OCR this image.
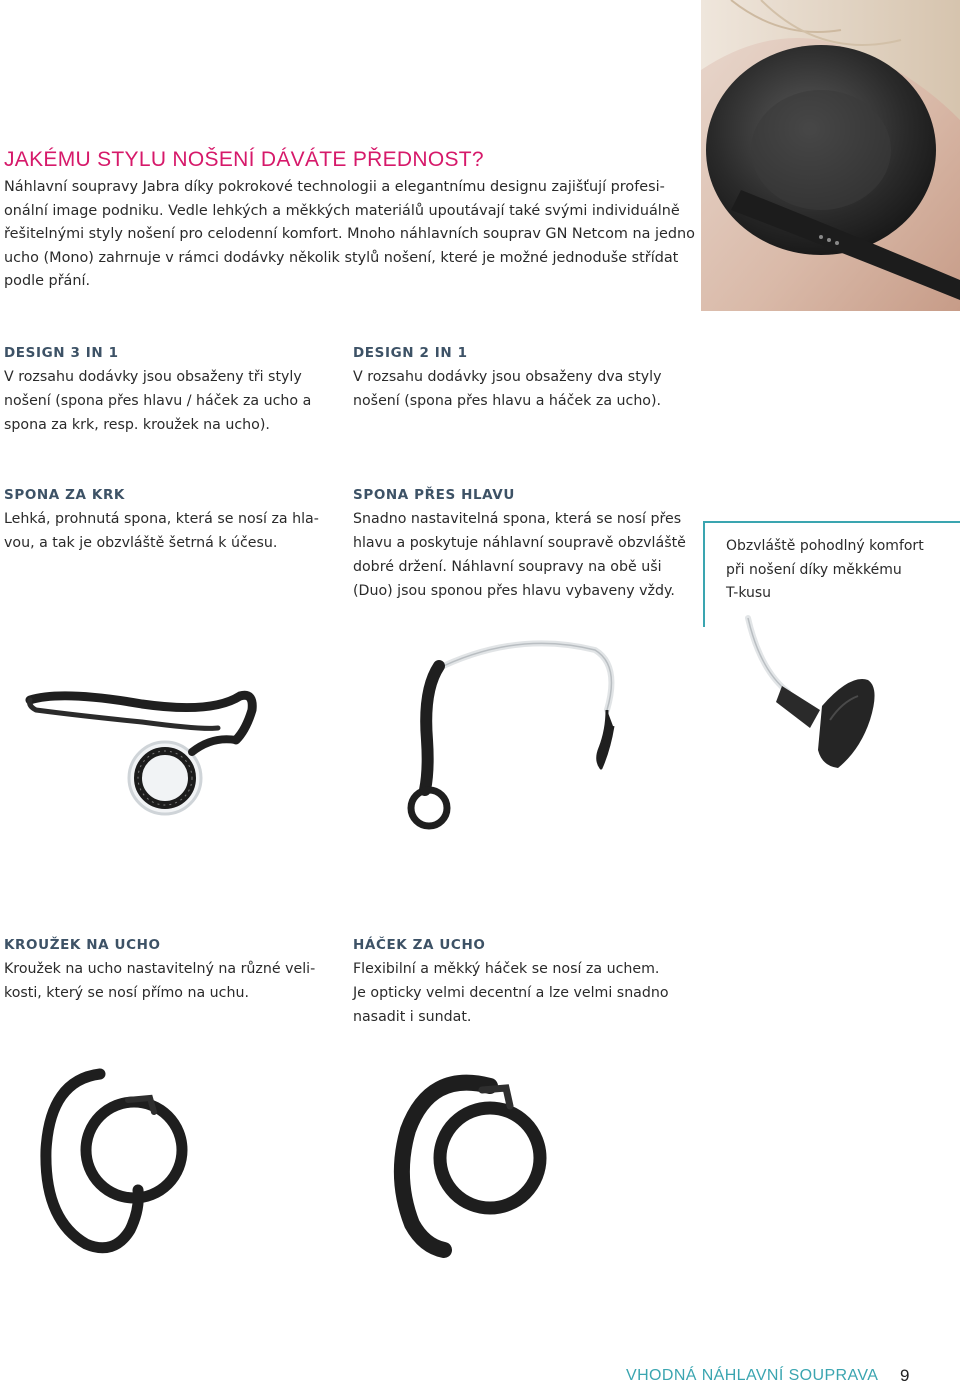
JAKÉMU STYLU NOŠENÍ DÁVÁTE PŘEDNOST?
Náhlavní soupravy Jabra díky pokrokové technologii a elegantnímu designu zajišťují profesi-
onální image podniku. Vedle lehkých a měkkých materiálů upoutávají také svými individuálně
řešitelnými styly nošení pro celodenní komfort. Mnoho náhlavních souprav GN Netcom na jedno
ucho (Mono) zahrnuje v rámci dodávky několik stylů nošení, které je možné jednoduše střídat
podle přání.
DESIGN 3 IN 1
V rozsahu dodávky jsou obsaženy tři styly
nošení (spona přes hlavu / háček za ucho a
spona za krk, resp. kroužek na ucho).
DESIGN 2 IN 1
V rozsahu dodávky jsou obsaženy dva styly
nošení (spona přes hlavu a háček za ucho).
SPONA ZA KRK
Lehká, prohnutá spona, která se nosí za hla-
vou, a tak je obzvláště šetrná k účesu.
SPONA PŘES HLAVU
Snadno nastavitelná spona, která se nosí přes
hlavu a poskytuje náhlavní soupravě obzvláště
dobré držení. Náhlavní soupravy na obě uši
(Duo) jsou sponou přes hlavu vybaveny vždy.
Obzvláště pohodlný komfort
při nošení díky měkkému
T-kusu
KROUŽEK NA UCHO
Kroužek na ucho nastavitelný na různé veli-
kosti, který se nosí přímo na uchu.
HÁČEK ZA UCHO
Flexibilní a měkký háček se nosí za uchem.
Je opticky velmi decentní a lze velmi snadno
nasadit i sundat.
VHODNÁ NÁHLAVNÍ SOUPRAVA 9
